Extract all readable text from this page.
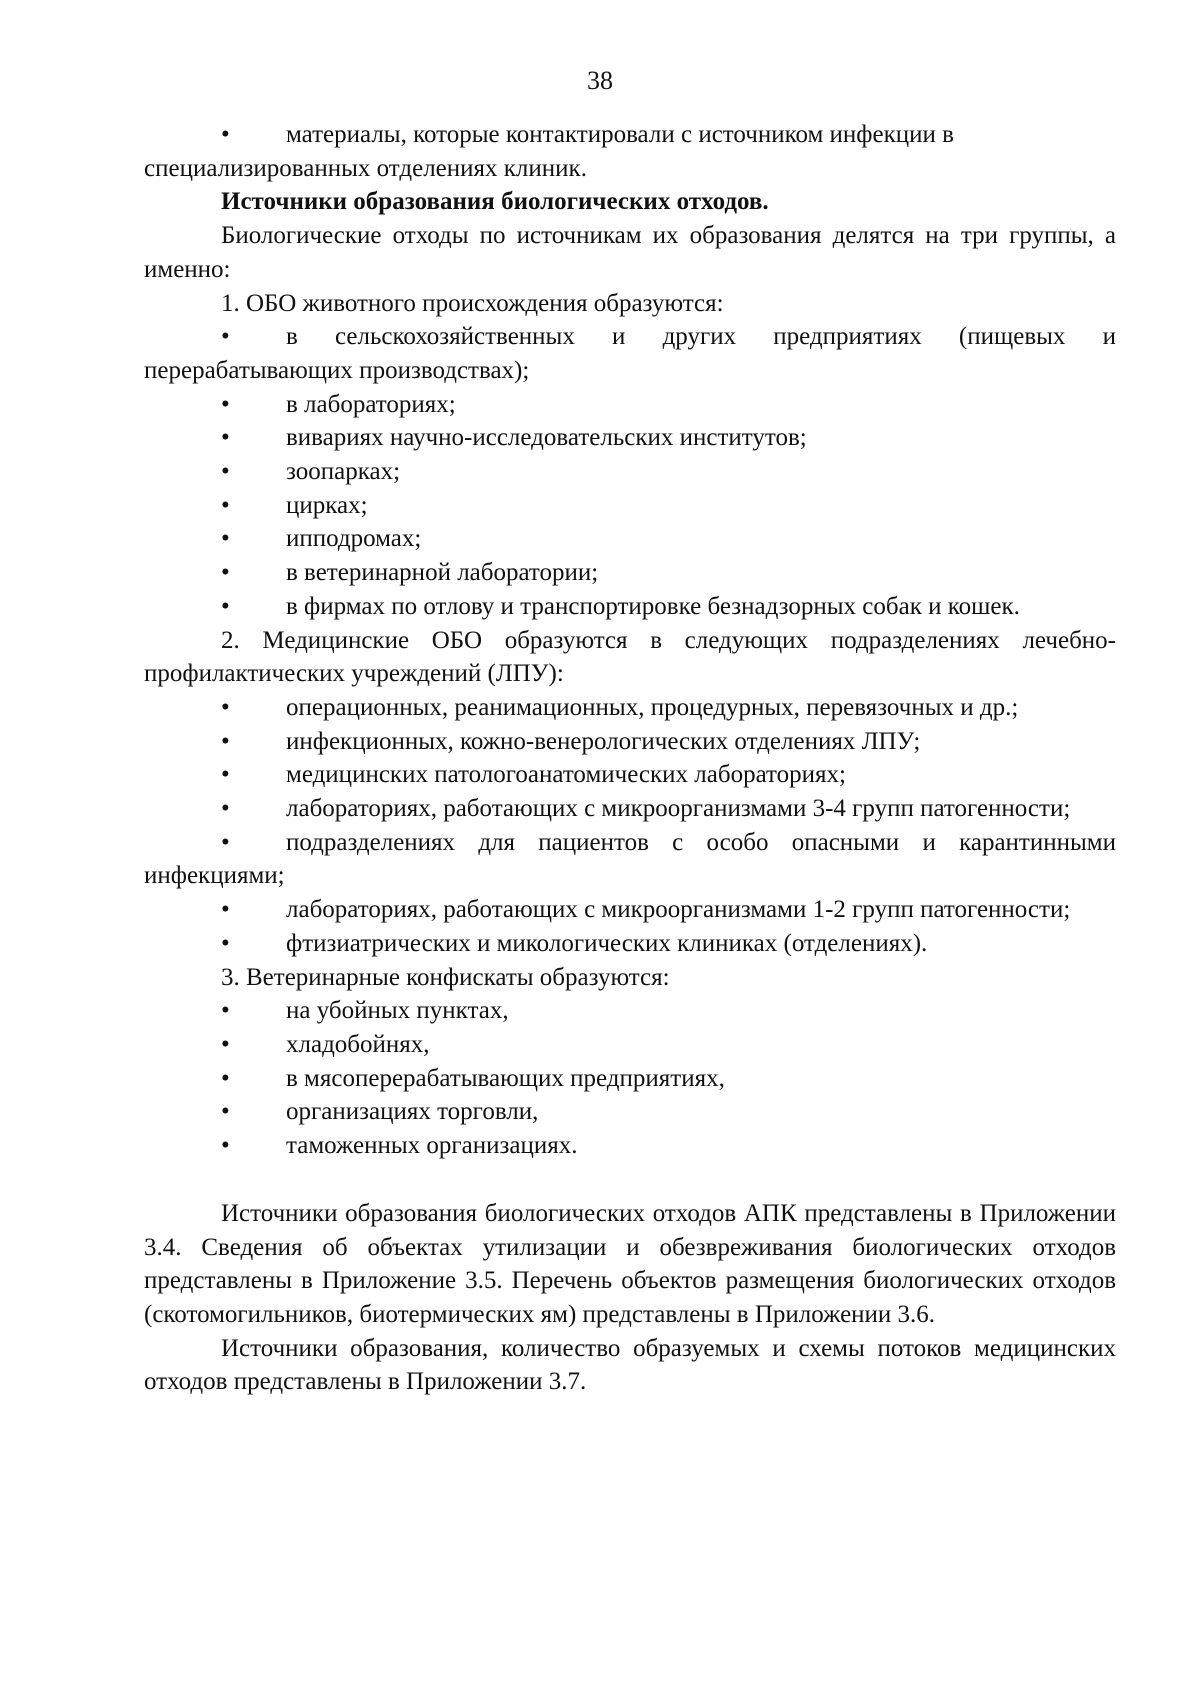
38
•	материалы, которые контактировали с источником инфекции в

специализированных отделениях клиник.

Источники образования биологических отходов.

Биологические отходы по источникам их образования делятся на три группы, а именно:

1. ОБО животного происхождения образуются:

•	в сельскохозяйственных и других предприятиях (пищевых и перерабатывающих производствах);
•	в лабораториях;
•	вивариях научно-исследовательских институтов;
•	зоопарках;
•	цирках;
•	ипподромах;
•	в ветеринарной лаборатории;
•	в фирмах по отлову и транспортировке безнадзорных собак и кошек.

2. Медицинские ОБО образуются в следующих подразделениях лечебно-профилактических учреждений (ЛПУ):

•	операционных, реанимационных, процедурных, перевязочных и др.;
•	инфекционных, кожно-венерологических отделениях ЛПУ;
•	медицинских патологоанатомических лабораториях;
•	лабораториях, работающих с микроорганизмами 3-4 групп патогенности;
•	подразделениях для пациентов с особо опасными и карантинными инфекциями;
•	лабораториях, работающих с микроорганизмами 1-2 групп патогенности;
•	фтизиатрических и микологических клиниках (отделениях).

3. Ветеринарные конфискаты образуются:

•	на убойных пунктах,
•	хладобойнях,
•	в мясоперерабатывающих предприятиях,
•	организациях торговли,
•	таможенных организациях.

Источники образования биологических отходов АПК представлены в Приложении 3.4. Сведения об объектах утилизации и обезвреживания биологических отходов представлены в Приложение 3.5. Перечень объектов размещения биологических отходов (скотомогильников, биотермических ям) представлены в Приложении 3.6.

Источники образования, количество образуемых и схемы потоков медицинских отходов представлены в Приложении 3.7.
